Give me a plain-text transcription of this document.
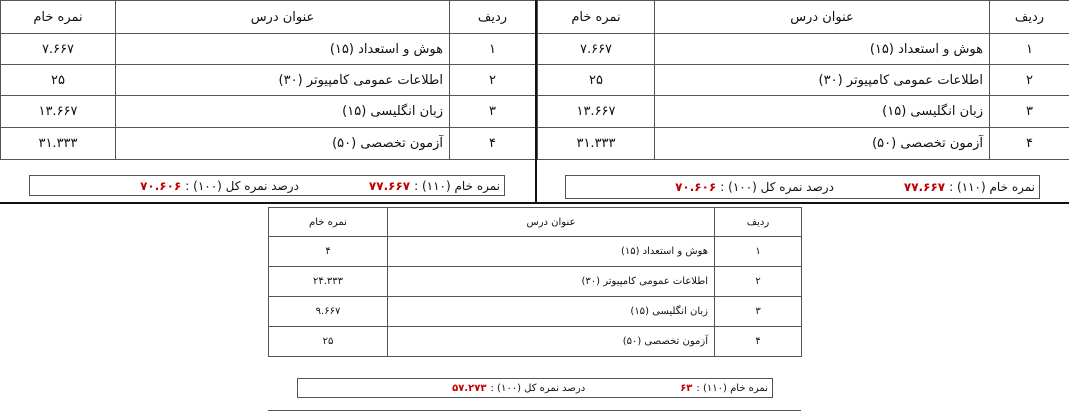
ردیف	عنوان درس	نمره خام
۱	هوش و استعداد (۱۵)	۷.۶۶۷
۲	اطلاعات عمومی کامپیوتر (۳۰)	۲۵
۳	زبان انگلیسی (۱۵)	۱۳.۶۶۷
۴	آزمون تخصصی (۵۰)	۳۱.۳۳۳
نمره خام (۱۱۰) :
۷۷.۶۶۷
درصد نمره کل (۱۰۰) :
۷۰.۶۰۶
ردیف	عنوان درس	نمره خام
۱	هوش و استعداد (۱۵)	۷.۶۶۷
۲	اطلاعات عمومی کامپیوتر (۳۰)	۲۵
۳	زبان انگلیسی (۱۵)	۱۳.۶۶۷
۴	آزمون تخصصی (۵۰)	۳۱.۳۳۳
نمره خام (۱۱۰) :
۷۷.۶۶۷
درصد نمره کل (۱۰۰) :
۷۰.۶۰۶
ردیف	عنوان درس	نمره خام
۱	هوش و استعداد (۱۵)	۴
۲	اطلاعات عمومی کامپیوتر (۳۰)	۲۴.۳۳۳
۳	زبان انگلیسی (۱۵)	۹.۶۶۷
۴	آزمون تخصصی (۵۰)	۲۵
نمره خام (۱۱۰) :
۶۳
درصد نمره کل (۱۰۰) :
۵۷.۲۷۳
